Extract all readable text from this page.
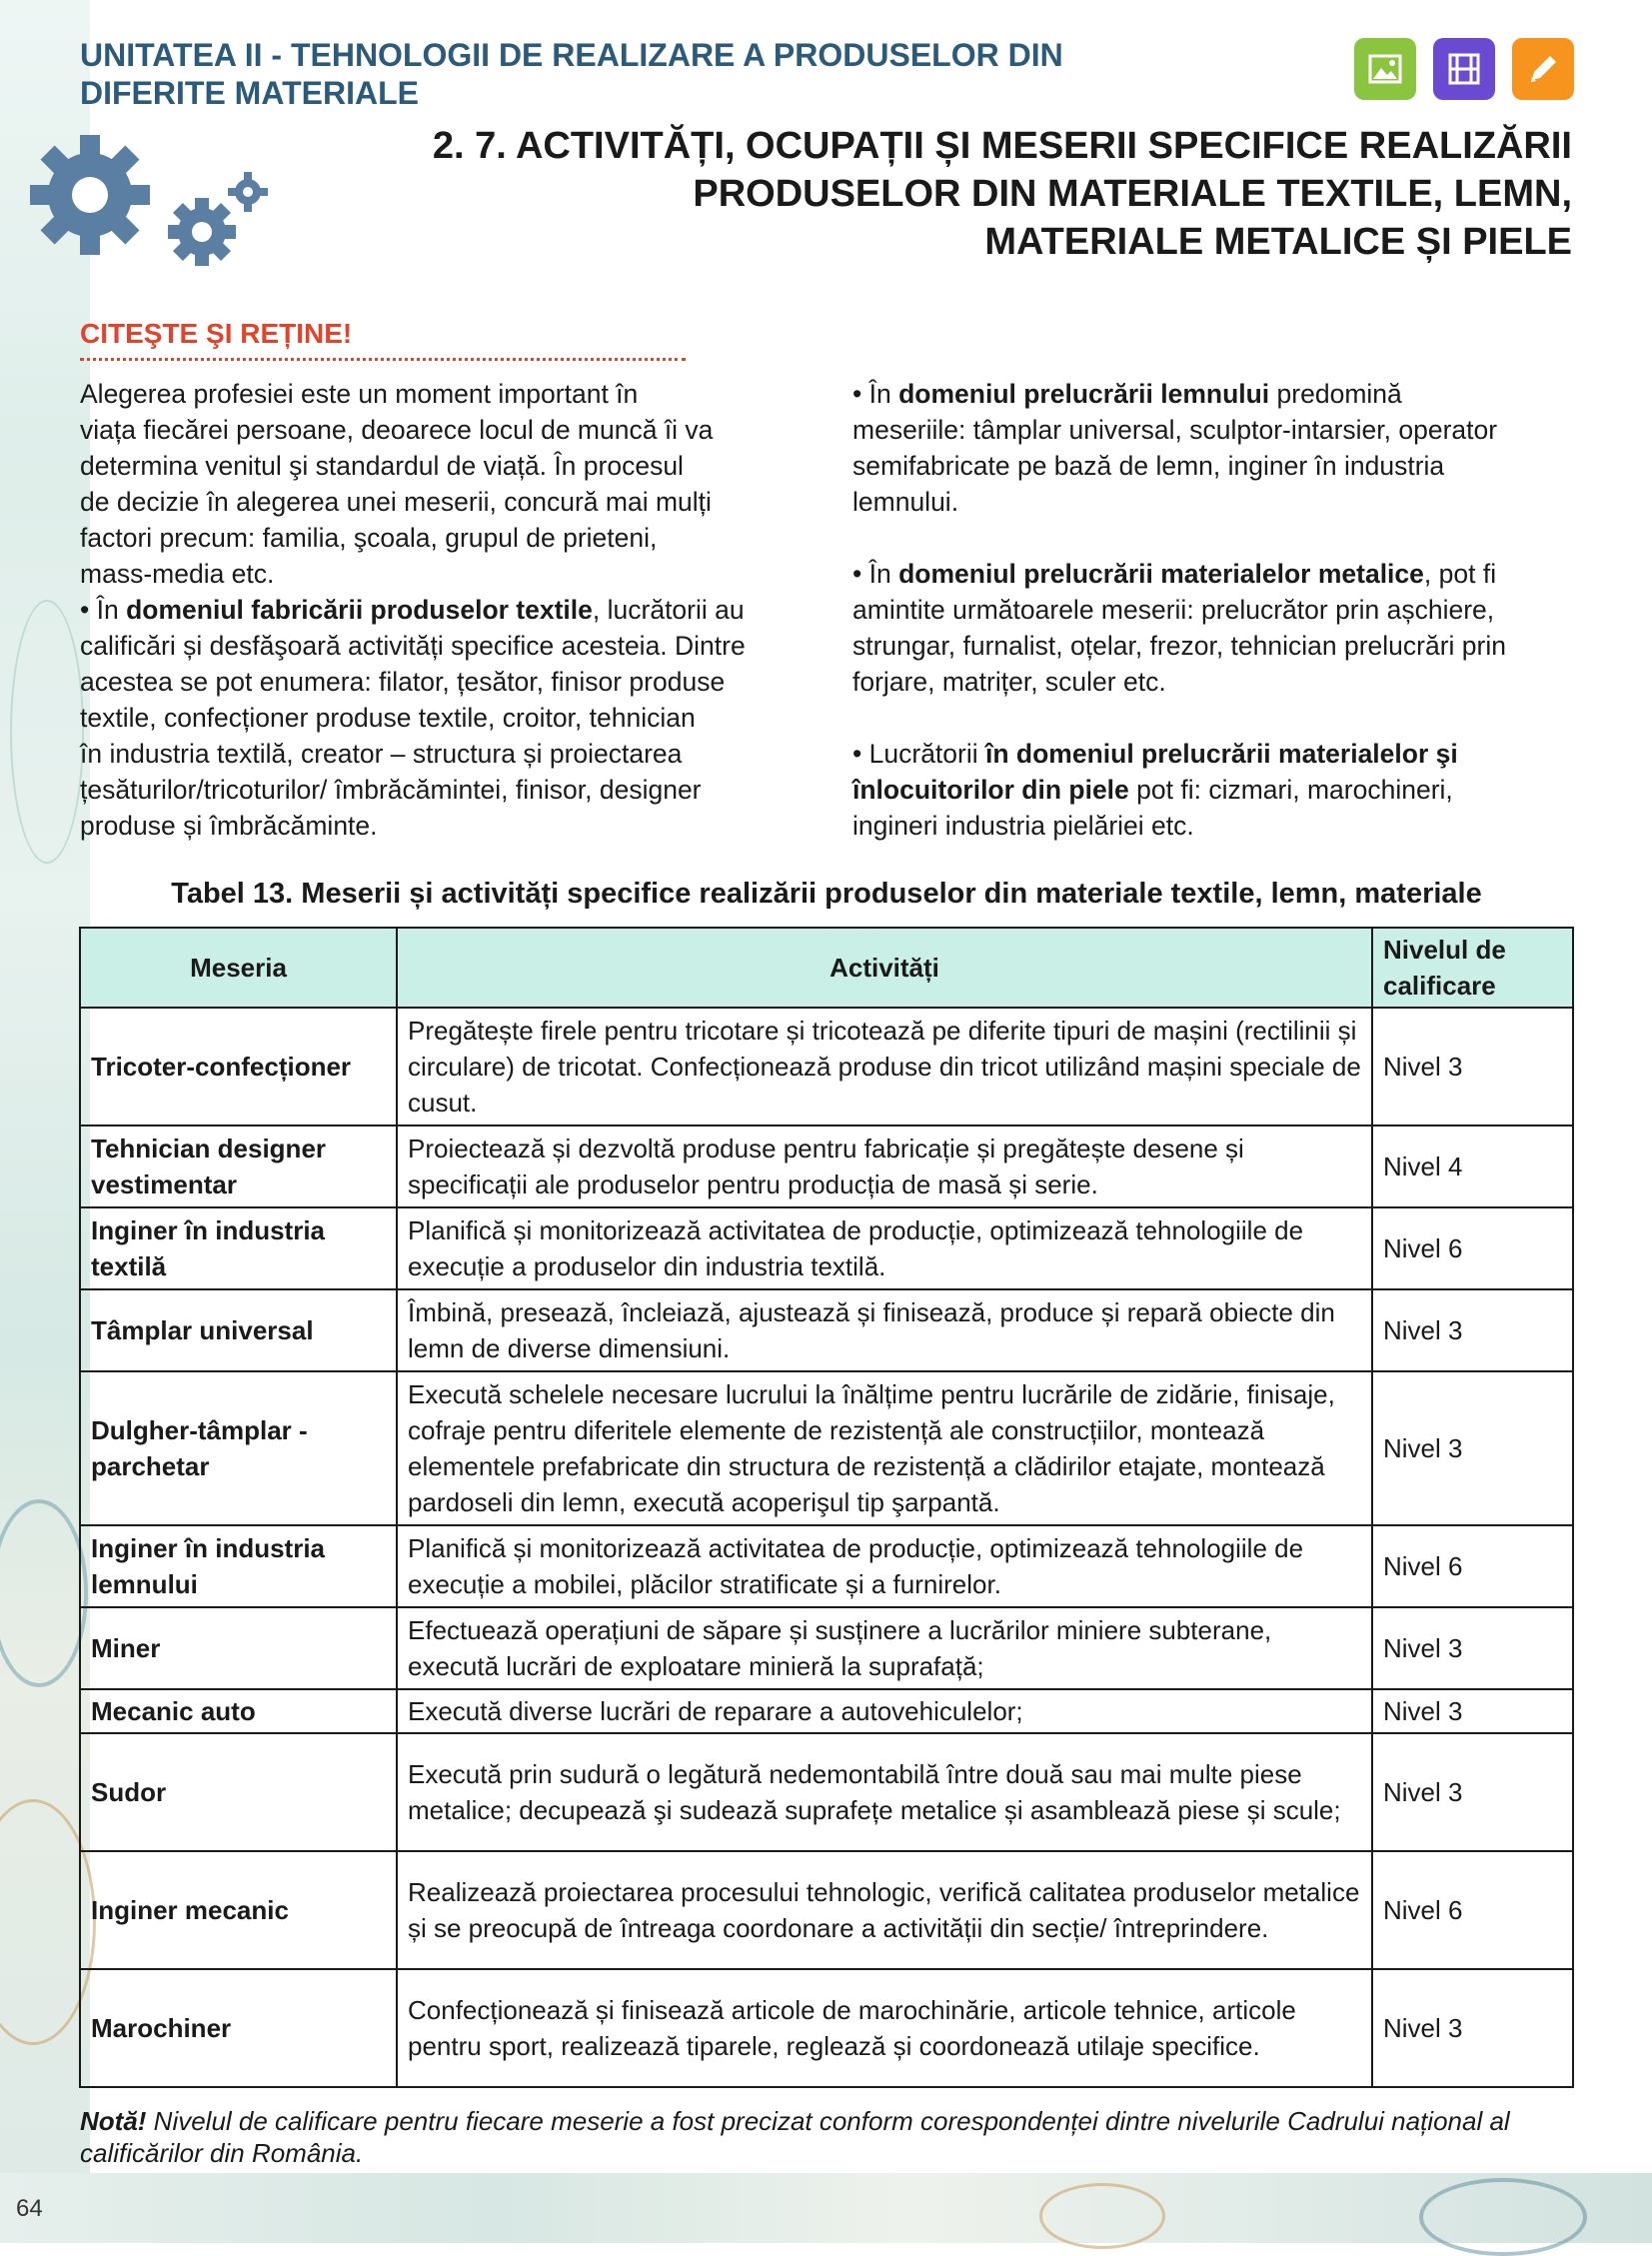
UNITATEA II - TEHNOLOGII DE REALIZARE A PRODUSELOR DIN
DIFERITE MATERIALE
2. 7. ACTIVITĂȚI, OCUPAȚII ȘI MESERII SPECIFICE REALIZĂRII
PRODUSELOR DIN MATERIALE TEXTILE, LEMN,
MATERIALE METALICE ȘI PIELE
CITEŞTE ŞI REȚINE!

Alegerea profesiei este un moment important în

viața fiecărei persoane, deoarece locul de muncă îi va

determina venitul şi standardul de viață. În procesul

de decizie în alegerea unei meserii, concură mai mulți

factori precum: familia, şcoala, grupul de prieteni,

mass-media etc.

• În domeniul fabricării produselor textile, lucrătorii au

calificări și desfăşoară activități specifice acesteia. Dintre

acestea se pot enumera: filator, țesător, finisor produse

textile, confecționer produse textile, croitor, tehnician

în industria textilă, creator – structura și proiectarea

țesăturilor/tricoturilor/ îmbrăcămintei, finisor, designer

produse și îmbrăcăminte.

• În domeniul prelucrării lemnului predomină

meseriile: tâmplar universal, sculptor-intarsier, operator

semifabricate pe bază de lemn, inginer în industria

lemnului.

• În domeniul prelucrării materialelor metalice, pot fi

amintite următoarele meserii: prelucrător prin așchiere,

strungar, furnalist, oțelar, frezor, tehnician prelucrări prin

forjare, matrițer, sculer etc.

• Lucrătorii în domeniul prelucrării materialelor şi

înlocuitorilor din piele pot fi: cizmari, marochineri,

ingineri industria pielăriei etc.

Tabel 13. Meserii și activități specifice realizării produselor din materiale textile, lemn, materiale
Meseria	Activități	Nivelul de calificare
Tricoter-confecționer	Pregătește firele pentru tricotare și tricotează pe diferite tipuri de mașini (rectilinii și circulare) de tricotat. Confecționează produse din tricot utilizând mașini speciale de cusut.	Nivel 3
Tehnician designer vestimentar	Proiectează și dezvoltă produse pentru fabricație și pregătește desene și specificații ale produselor pentru producția de masă și serie.	Nivel 4
Inginer în industria textilă	Planifică și monitorizează activitatea de producție, optimizează tehnologiile de execuție a produselor din industria textilă.	Nivel 6
Tâmplar universal	Îmbină, presează, încleiază, ajustează și finisează, produce și repară obiecte din lemn de diverse dimensiuni.	Nivel 3
Dulgher-tâmplar - parchetar	Execută schelele necesare lucrului la înălțime pentru lucrările de zidărie, finisaje, cofraje pentru diferitele elemente de rezistență ale construcțiilor, montează elementele prefabricate din structura de rezistență a clădirilor etajate, montează pardoseli din lemn, execută acoperişul tip şarpantă.	Nivel 3
Inginer în industria lemnului	Planifică și monitorizează activitatea de producție, optimizează tehnologiile de execuție a mobilei, plăcilor stratificate și a furnirelor.	Nivel 6
Miner	Efectuează operațiuni de săpare și susținere a lucrărilor miniere subterane, execută lucrări de exploatare minieră la suprafață;	Nivel 3
Mecanic auto	Execută diverse lucrări de reparare a autovehiculelor;	Nivel 3
Sudor	Execută prin sudură o legătură nedemontabilă între două sau mai multe piese metalice; decupează şi sudează suprafețe metalice și asamblează piese și scule;	Nivel 3
Inginer mecanic	Realizează proiectarea procesului tehnologic, verifică calitatea produselor metalice și se preocupă de întreaga coordonare a activității din secție/ întreprindere.	Nivel 6
Marochiner	Confecționează și finisează articole de marochinărie, articole tehnice, articole pentru sport, realizează tiparele, reglează și coordonează utilaje specifice.	Nivel 3
Notă! Nivelul de calificare pentru fiecare meserie a fost precizat conform corespondenței dintre nivelurile Cadrului național al calificărilor din România.
64
